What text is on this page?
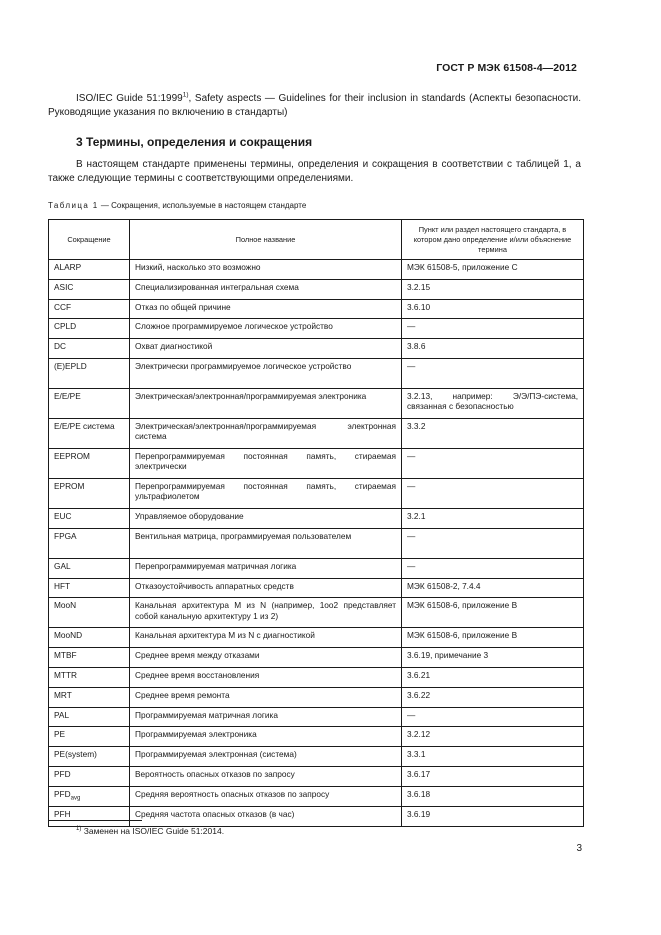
ГОСТ Р МЭК 61508-4—2012

ISO/IEC Guide 51:1999$^{1)}$, Safety aspects — Guidelines for their inclusion in standards (Аспекты безопасности. Руководящие указания по включению в стандарты)

3 Термины, определения и сокращения

В настоящем стандарте применены термины, определения и сокращения в соответствии с таблицей 1, а также следующие термины с соответствующими определениями.

Таблица 1 — Сокращения, используемые в настоящем стандарте
Сокращение	Полное название	Пункт или раздел настоящего стандарта, в котором дано определение и/или объяснение термина
ALARP	Низкий, насколько это возможно	МЭК 61508-5, приложение C
ASIC	Специализированная интегральная схема	3.2.15
CCF	Отказ по общей причине	3.6.10
CPLD	Сложное программируемое логическое устройство	—
DC	Охват диагностикой	3.8.6
(E)EPLD	Электрически программируемое логическое устройство	—
E/E/PE	Электрическая/электронная/программируемая электроника	3.2.13, например: Э/Э/ПЭ-система, связанная с безопасностью
E/E/PE система	Электрическая/электронная/программируемая электронная система	3.3.2
EEPROM	Перепрограммируемая постоянная память, стираемая электрически	—
EPROM	Перепрограммируемая постоянная память, стираемая ультрафиолетом	—
EUC	Управляемое оборудование	3.2.1
FPGA	Вентильная матрица, программируемая пользователем	—
GAL	Перепрограммируемая матричная логика	—
HFT	Отказоустойчивость аппаратных средств	МЭК 61508-2, 7.4.4
MooN	Канальная архитектура M из N (например, 1oo2 представляет собой канальную архитектуру 1 из 2)	МЭК 61508-6, приложение B
MooND	Канальная архитектура M из N с диагностикой	МЭК 61508-6, приложение B
MTBF	Среднее время между отказами	3.6.19, примечание 3
MTTR	Среднее время восстановления	3.6.21
MRT	Среднее время ремонта	3.6.22
PAL	Программируемая матричная логика	—
PE	Программируемая электроника	3.2.12
PE(system)	Программируемая электронная (система)	3.3.1
PFD	Вероятность опасных отказов по запросу	3.6.17
$PFD_{avg}$	Средняя вероятность опасных отказов по запросу	3.6.18
PFH	Средняя частота опасных отказов (в час)	3.6.19
$^{1)}$ Заменен на ISO/IEC Guide 51:2014.
3
